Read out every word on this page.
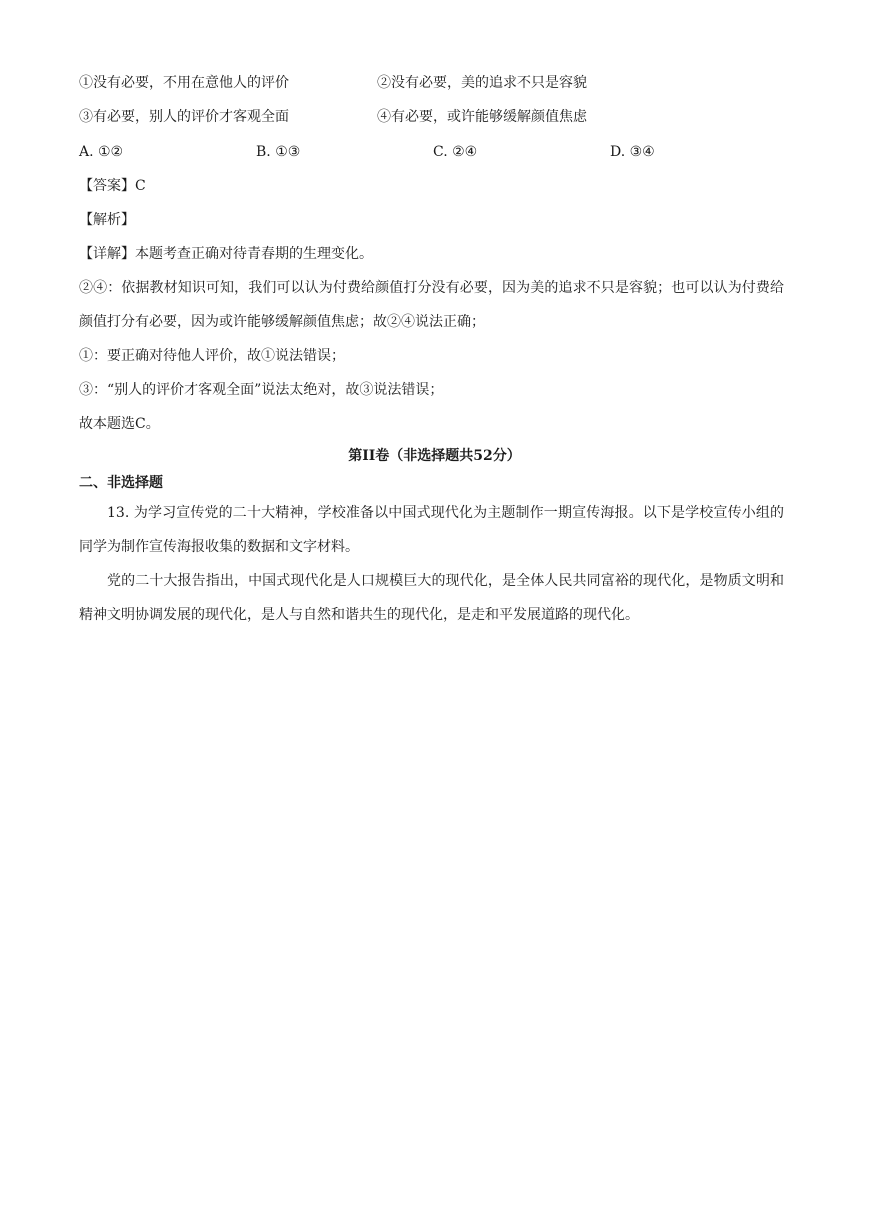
①没有必要，不用在意他人的评价	②没有必要，美的追求不只是容貌
③有必要，别人的评价才客观全面	④有必要，或许能够缓解颜值焦虑
A. ①②	B. ①③	C. ②④	D. ③④
【答案】C
【解析】
【详解】本题考查正确对待青春期的生理变化。
②④：依据教材知识可知，我们可以认为付费给颜值打分没有必要，因为美的追求不只是容貌；也可以认为付费给颜值打分有必要，因为或许能够缓解颜值焦虑；故②④说法正确；
①：要正确对待他人评价，故①说法错误；
③：“别人的评价才客观全面”说法太绝对，故③说法错误；
故本题选C。
第II卷（非选择题共52分）
二、非选择题
13. 为学习宣传党的二十大精神，学校准备以中国式现代化为主题制作一期宣传海报。以下是学校宣传小组的同学为制作宣传海报收集的数据和文字材料。
党的二十大报告指出，中国式现代化是人口规模巨大的现代化，是全体人民共同富裕的现代化，是物质文明和精神文明协调发展的现代化，是人与自然和谐共生的现代化，是走和平发展道路的现代化。
